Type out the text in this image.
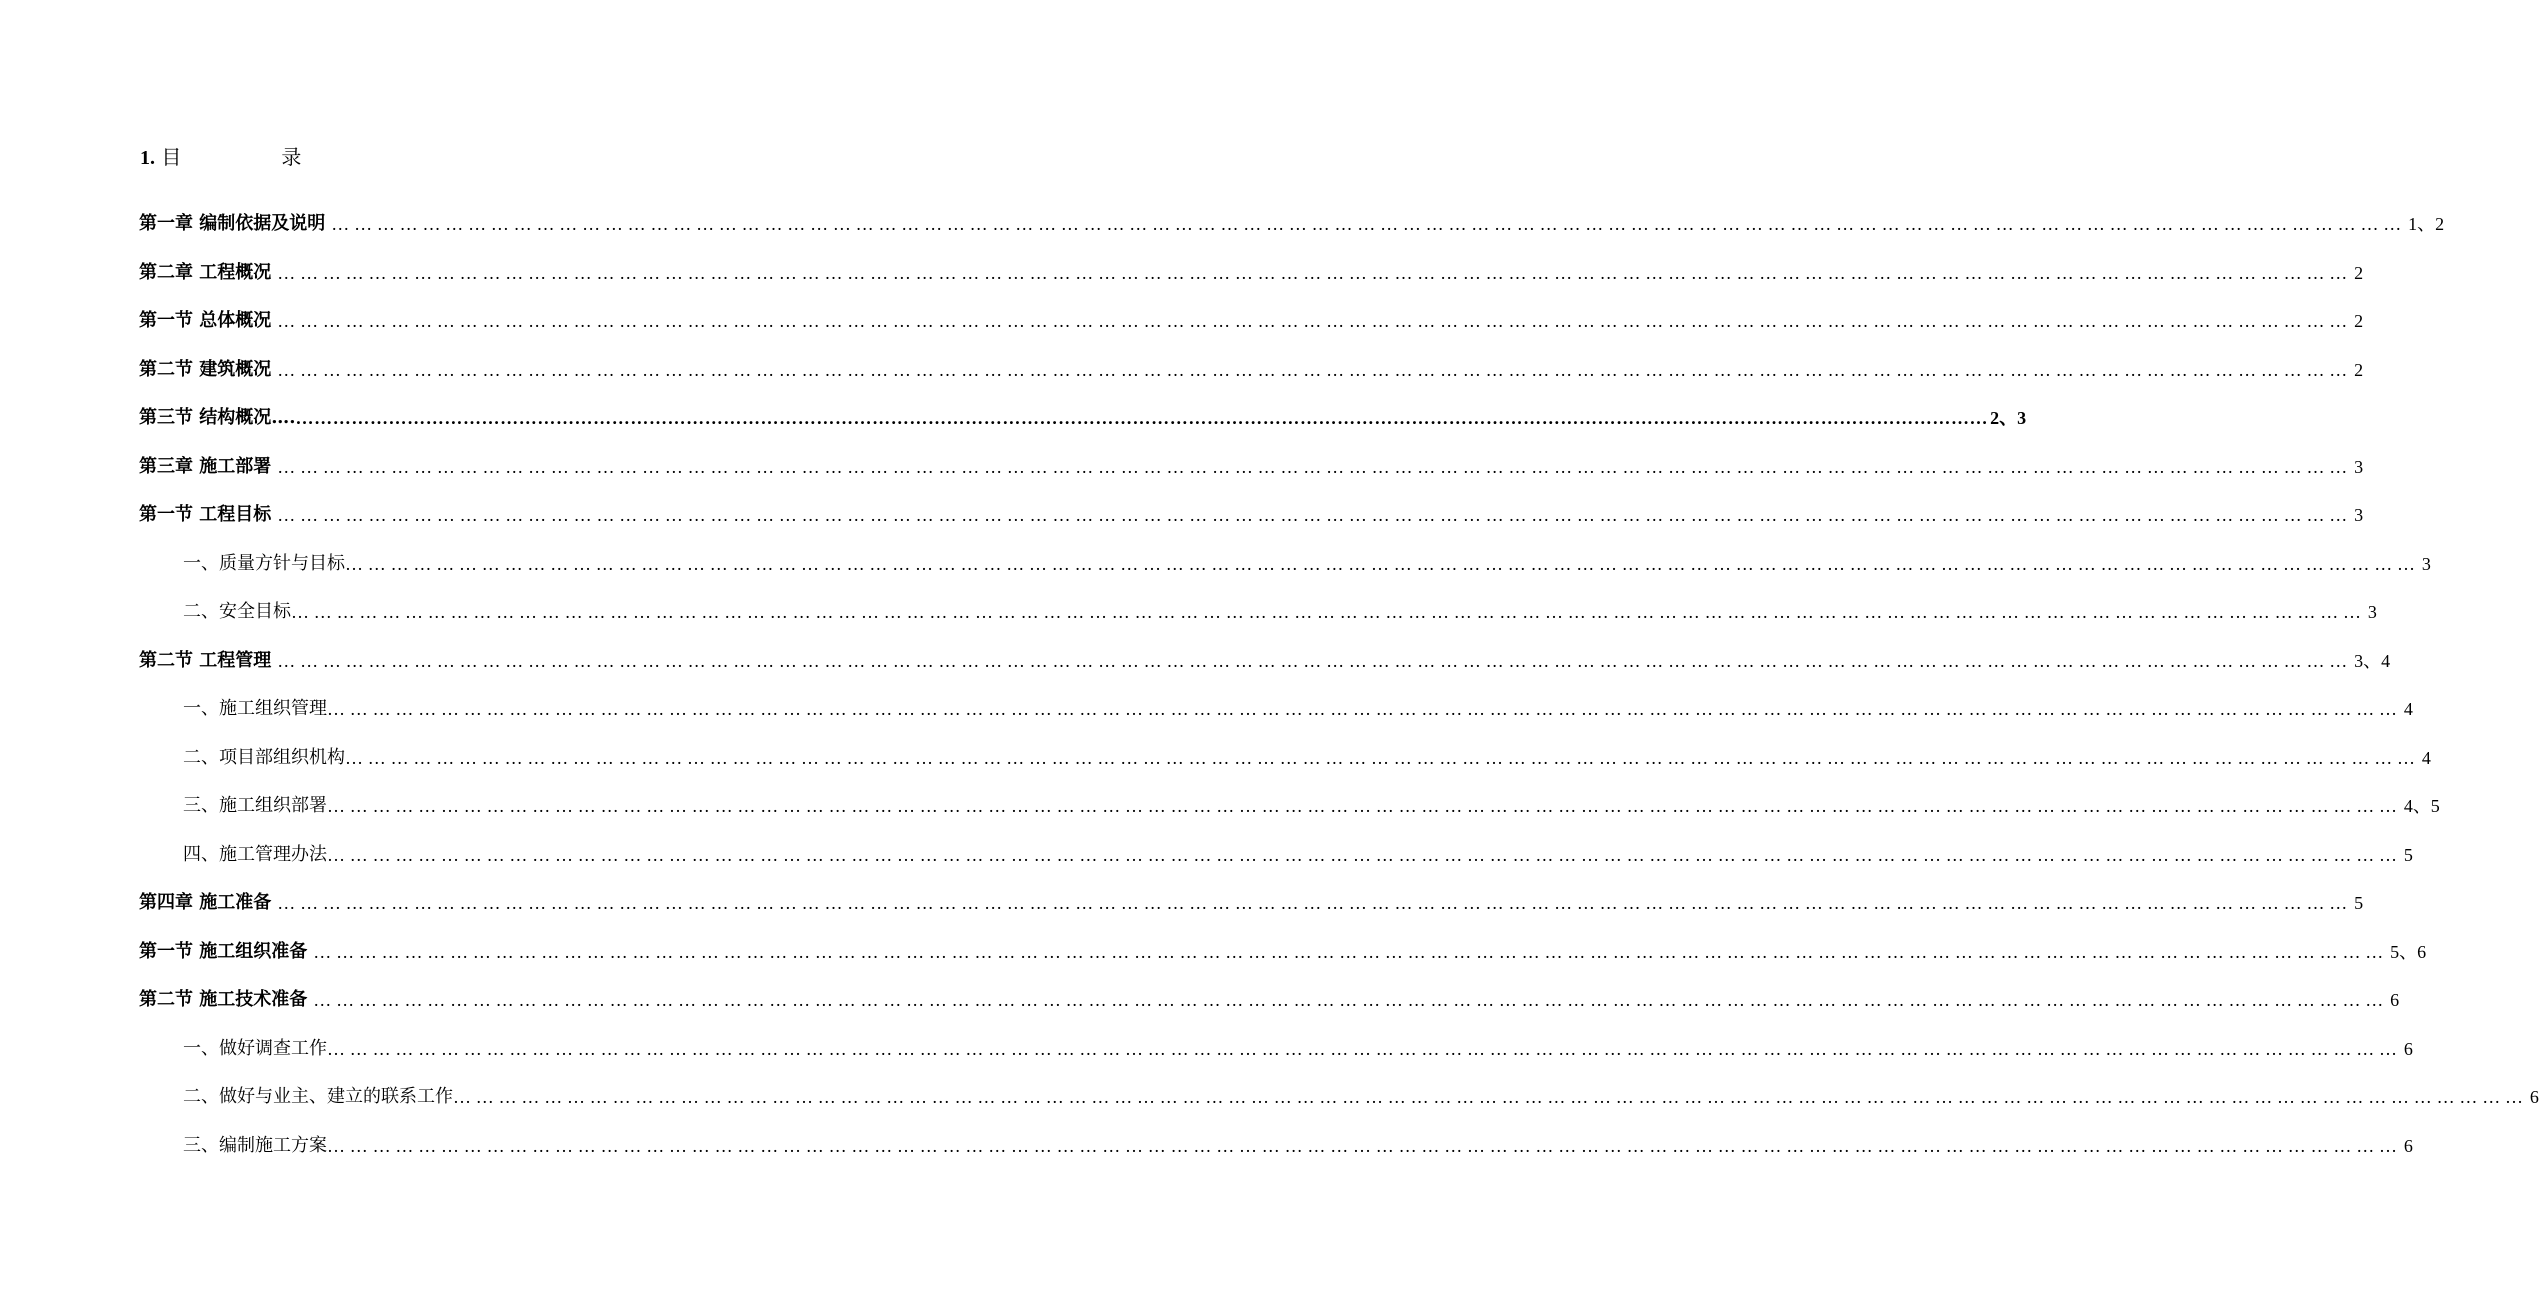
1. 目　　　　　录
第一章 编制依据及说明 ………………………………………………………………………………………………………………………………………………………………………………………………………………………………………………… 1、2
第二章 工程概况 ………………………………………………………………………………………………………………………………………………………………………………………………………………………………………………… 2
第一节 总体概况 ………………………………………………………………………………………………………………………………………………………………………………………………………………………………………………… 2
第二节 建筑概况 ………………………………………………………………………………………………………………………………………………………………………………………………………………………………………………… 2
第三节 结构概况…. ………………………………………………………………………………………………………………………………………………………………………………………………………………………………………………… 2、3
第三章 施工部署 ………………………………………………………………………………………………………………………………………………………………………………………………………………………………………………… 3
第一节 工程目标 ………………………………………………………………………………………………………………………………………………………………………………………………………………………………………………… 3
一、质量方针与目标 ………………………………………………………………………………………………………………………………………………………………………………………………………………………………………………… 3
二、安全目标 ………………………………………………………………………………………………………………………………………………………………………………………………………………………………………………… 3
第二节 工程管理 ………………………………………………………………………………………………………………………………………………………………………………………………………………………………………………… 3、4
一、施工组织管理 ………………………………………………………………………………………………………………………………………………………………………………………………………………………………………………… 4
二、项目部组织机构 ………………………………………………………………………………………………………………………………………………………………………………………………………………………………………………… 4
三、施工组织部署 ………………………………………………………………………………………………………………………………………………………………………………………………………………………………………………… 4、5
四、施工管理办法 ………………………………………………………………………………………………………………………………………………………………………………………………………………………………………………… 5
第四章 施工准备 ………………………………………………………………………………………………………………………………………………………………………………………………………………………………………………… 5
第一节 施工组织准备 ………………………………………………………………………………………………………………………………………………………………………………………………………………………………………………… 5、6
第二节 施工技术准备 ………………………………………………………………………………………………………………………………………………………………………………………………………………………………………………… 6
一、做好调查工作 ………………………………………………………………………………………………………………………………………………………………………………………………………………………………………………… 6
二、做好与业主、建立的联系工作 ………………………………………………………………………………………………………………………………………………………………………………………………………………………………………………… 6
三、编制施工方案 ………………………………………………………………………………………………………………………………………………………………………………………………………………………………………………… 6
